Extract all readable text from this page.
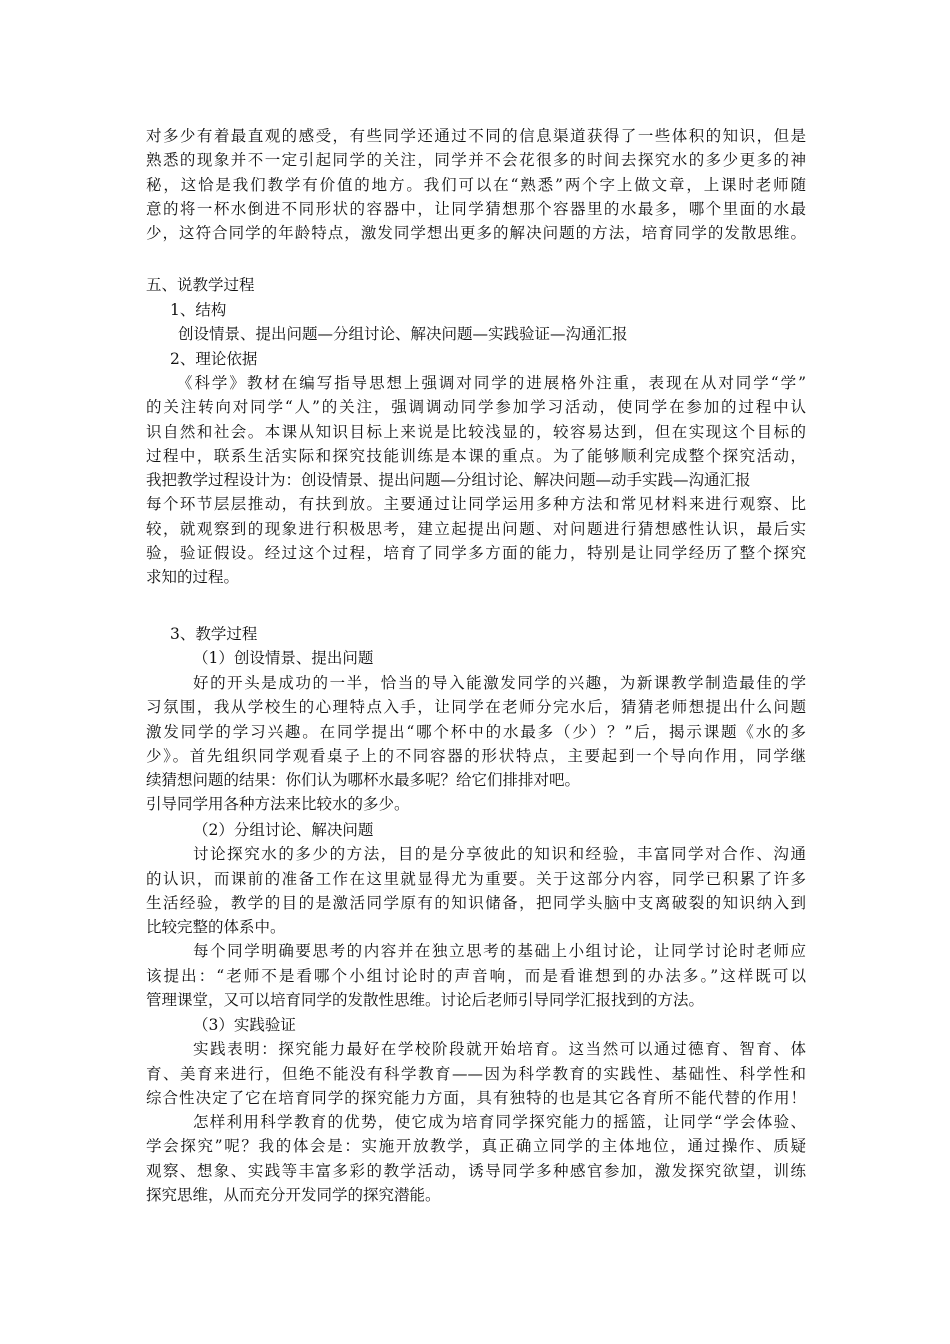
对多少有着最直观的感受，有些同学还通过不同的信息渠道获得了一些体积的知识，但是
熟悉的现象并不一定引起同学的关注，同学并不会花很多的时间去探究水的多少更多的神
秘，这恰是我们教学有价值的地方。我们可以在“熟悉”两个字上做文章，上课时老师随
意的将一杯水倒进不同形状的容器中，让同学猜想那个容器里的水最多，哪个里面的水最
少，这符合同学的年龄特点，激发同学想出更多的解决问题的方法，培育同学的发散思维。
五、说教学过程
1、结构
创设情景、提出问题—分组讨论、解决问题—实践验证—沟通汇报
2、理论依据
《科学》教材在编写指导思想上强调对同学的进展格外注重，表现在从对同学“学”
的关注转向对同学“人”的关注，强调调动同学参加学习活动，使同学在参加的过程中认
识自然和社会。本课从知识目标上来说是比较浅显的，较容易达到，但在实现这个目标的
过程中，联系生活实际和探究技能训练是本课的重点。为了能够顺利完成整个探究活动，
我把教学过程设计为：创设情景、提出问题—分组讨论、解决问题—动手实践—沟通汇报
每个环节层层推动，有扶到放。主要通过让同学运用多种方法和常见材料来进行观察、比
较，就观察到的现象进行积极思考，建立起提出问题、对问题进行猜想感性认识，最后实
验，验证假设。经过这个过程，培育了同学多方面的能力，特别是让同学经历了整个探究
求知的过程。
3、教学过程
（1）创设情景、提出问题
好的开头是成功的一半，恰当的导入能激发同学的兴趣，为新课教学制造最佳的学
习氛围，我从学校生的心理特点入手，让同学在老师分完水后，猜猜老师想提出什么问题
激发同学的学习兴趣。在同学提出“哪个杯中的水最多（少）？”后，揭示课题《水的多
少》。首先组织同学观看桌子上的不同容器的形状特点，主要起到一个导向作用，同学继
续猜想问题的结果：你们认为哪杯水最多呢？给它们排排对吧。
引导同学用各种方法来比较水的多少。
（2）分组讨论、解决问题
讨论探究水的多少的方法，目的是分享彼此的知识和经验，丰富同学对合作、沟通
的认识，而课前的准备工作在这里就显得尤为重要。关于这部分内容，同学已积累了许多
生活经验，教学的目的是激活同学原有的知识储备，把同学头脑中支离破裂的知识纳入到
比较完整的体系中。
每个同学明确要思考的内容并在独立思考的基础上小组讨论，让同学讨论时老师应
该提出：“老师不是看哪个小组讨论时的声音响，而是看谁想到的办法多。”这样既可以
管理课堂，又可以培育同学的发散性思维。讨论后老师引导同学汇报找到的方法。
（3）实践验证
实践表明：探究能力最好在学校阶段就开始培育。这当然可以通过德育、智育、体
育、美育来进行，但绝不能没有科学教育——因为科学教育的实践性、基础性、科学性和
综合性决定了它在培育同学的探究能力方面，具有独特的也是其它各育所不能代替的作用！
怎样利用科学教育的优势，使它成为培育同学探究能力的摇篮，让同学“学会体验、
学会探究”呢？我的体会是：实施开放教学，真正确立同学的主体地位，通过操作、质疑
观察、想象、实践等丰富多彩的教学活动，诱导同学多种感官参加，激发探究欲望，训练
探究思维，从而充分开发同学的探究潜能。
